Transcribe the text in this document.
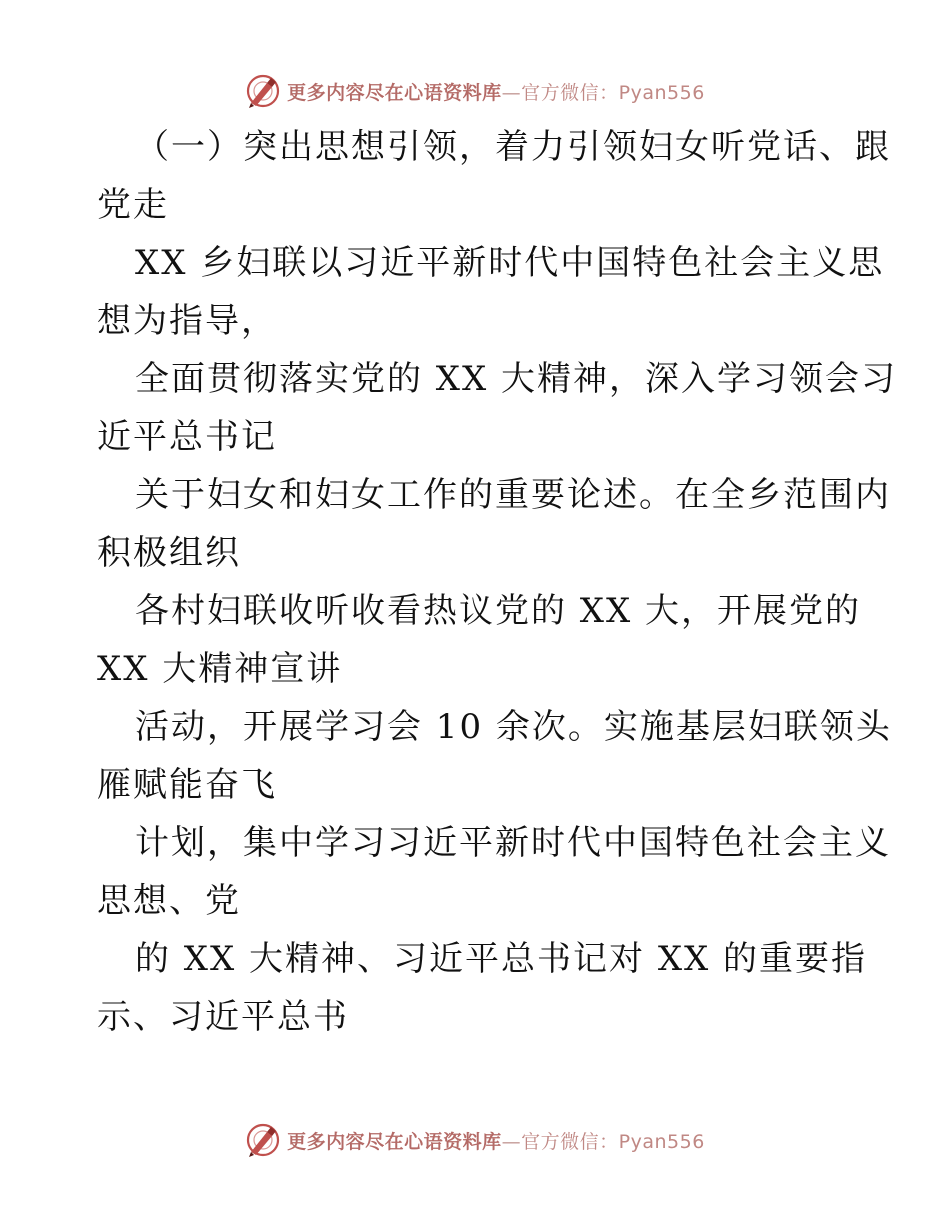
更多内容尽在心语资料库—官方微信：Pyan556
（一）突出思想引领，着力引领妇女听党话、跟
党走
XX 乡妇联以习近平新时代中国特色社会主义思
想为指导，
全面贯彻落实党的 XX 大精神，深入学习领会习
近平总书记
关于妇女和妇女工作的重要论述。在全乡范围内
积极组织
各村妇联收听收看热议党的 XX 大，开展党的
XX 大精神宣讲
活动，开展学习会 10 余次。实施基层妇联领头
雁赋能奋飞
计划，集中学习习近平新时代中国特色社会主义
思想、党
的 XX 大精神、习近平总书记对 XX 的重要指
示、习近平总书
更多内容尽在心语资料库—官方微信：Pyan556
